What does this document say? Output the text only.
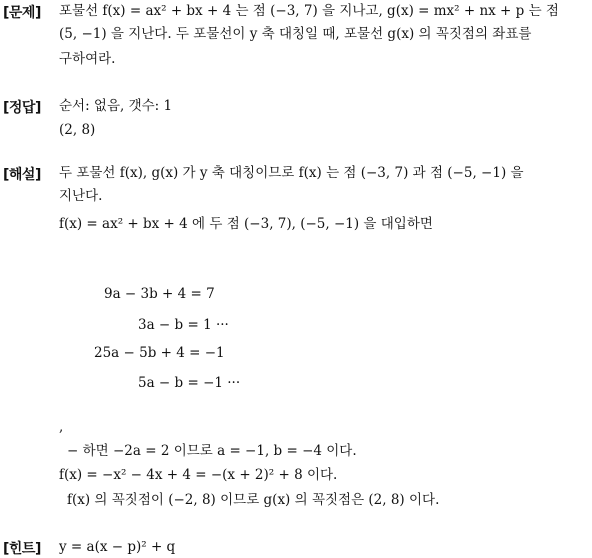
[문제] 포물선 f(x) = ax² + bx + 4 는 점 (−3, 7) 을 지나고, g(x) = mx² + nx + p 는 점
(5, −1) 을 지난다. 두 포물선이 y 축 대칭일 때, 포물선 g(x) 의 꼭짓점의 좌표를
구하여라.
[정답] 순서: 없음, 갯수: 1
(2, 8)
[해설] 두 포물선 f(x), g(x) 가 y 축 대칭이므로 f(x) 는 점 (−3, 7) 과 점 (−5, −1) 을
지난다.
f(x) = ax² + bx + 4 에 두 점 (−3, 7), (−5, −1) 을 대입하면
9a − 3b + 4 = 7
3a − b = 1 ···
25a − 5b + 4 = −1
5a − b = −1 ···
,
− 하면 −2a = 2 이므로 a = −1, b = −4 이다.
f(x) = −x² − 4x + 4 = −(x + 2)² + 8 이다.
f(x) 의 꼭짓점이 (−2, 8) 이므로 g(x) 의 꼭짓점은 (2, 8) 이다.
[힌트] y = a(x − p)² + q
